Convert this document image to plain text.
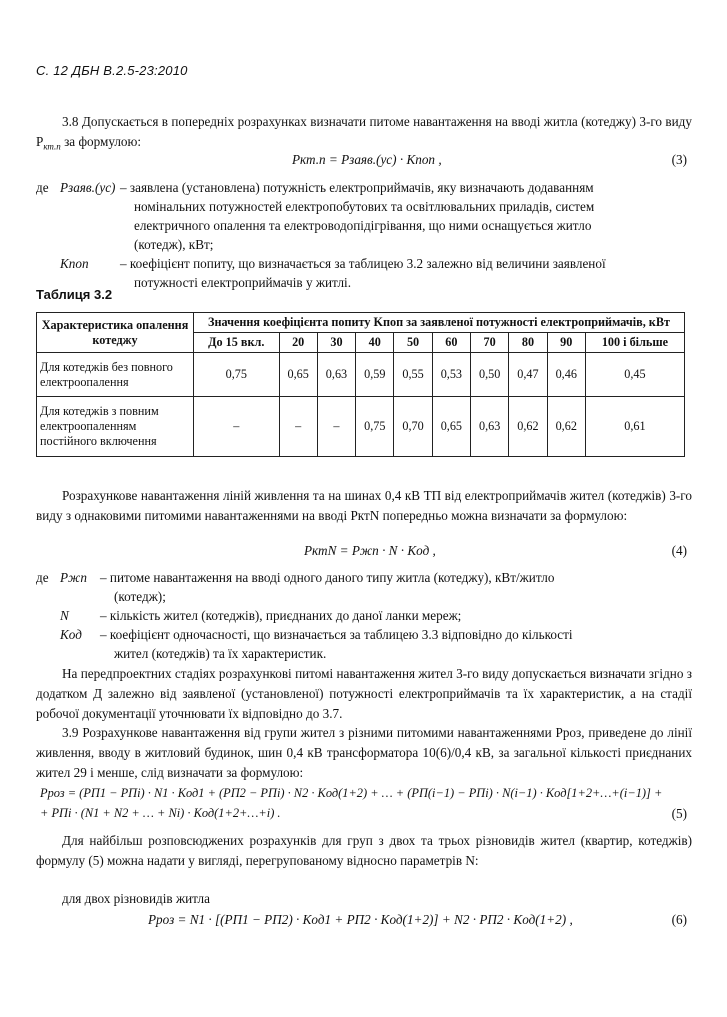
С. 12 ДБН В.2.5-23:2010
3.8 Допускається в попередніх розрахунках визначати питоме навантаження на вводі житла (котеджу) 3-го виду $P_{кт.п}$ за формулою:
Pкт.п = Pзаяв.(ус) · Kпоп ,	(3)
де Pзаяв.(ус) – заявлена (установлена) потужність електроприймачів, яку визначають додаванням
номінальних потужностей електропобутових та освітлювальних приладів, систем
електричного опалення та електроводопідігрівання, що ними оснащується житло
(котедж), кВт;
Kпоп – коефіцієнт попиту, що визначається за таблицею 3.2 залежно від величини заявленої
потужності електроприймачів у житлі.
Таблиця 3.2
Характеристика опалення котеджу	Значення коефіцієнта попиту Kпоп за заявленої потужності електроприймачів, кВт									
	До 15 вкл.	20	30	40	50	60	70	80	90	100 і більше
Для котеджів без повного електроопалення	0,75	0,65	0,63	0,59	0,55	0,53	0,50	0,47	0,46	0,45
Для котеджів з повним електроопаленням постійного включення	–	–	–	0,75	0,70	0,65	0,63	0,62	0,62	0,61
Розрахункове навантаження ліній живлення та на шинах 0,4 кВ ТП від електроприймачів жител (котеджів) 3-го виду з однаковими питомими навантаженнями на вводі PктN попередньо можна визначати за формулою:
PктN = Pжп · N · Kод ,	(4)
де Pжп – питоме навантаження на вводі одного даного типу житла (котеджу), кВт/житло
(котедж);
N – кількість жител (котеджів), приєднаних до даної ланки мереж;
Kод – коефіцієнт одночасності, що визначається за таблицею 3.3 відповідно до кількості
жител (котеджів) та їх характеристик.
На передпроектних стадіях розрахункові питомі навантаження жител 3-го виду допускається визначати згідно з додатком Д залежно від заявленої (установленої) потужності електроприймачів та їх характеристик, а на стадії робочої документації уточнювати їх відповідно до 3.7.
3.9 Розрахункове навантаження від групи жител з різними питомими навантаженнями Pроз, приведене до лінії живлення, вводу в житловий будинок, шин 0,4 кВ трансформатора 10(6)/0,4 кВ, за загальної кількості приєднаних жител 29 і менше, слід визначати за формулою:
Pроз = (PП1 − PПi) · N1 · Kод1 + (PП2 − PПi) · N2 · Kод(1+2) + … + (PП(i−1) − PПi) · N(i−1) · Kод[1+2+…+(i−1)] +
+ PПi · (N1 + N2 + … + Ni) · Kод(1+2+…+i) .	(5)
Для найбільш розповсюджених розрахунків для груп з двох та трьох різновидів жител (квартир, котеджів) формулу (5) можна надати у вигляді, перегрупованому відносно параметрів N:
для двох різновидів житла
Pроз = N1 · [(PП1 − PП2) · Kод1 + PП2 · Kод(1+2)] + N2 · PП2 · Kод(1+2) ,	(6)
